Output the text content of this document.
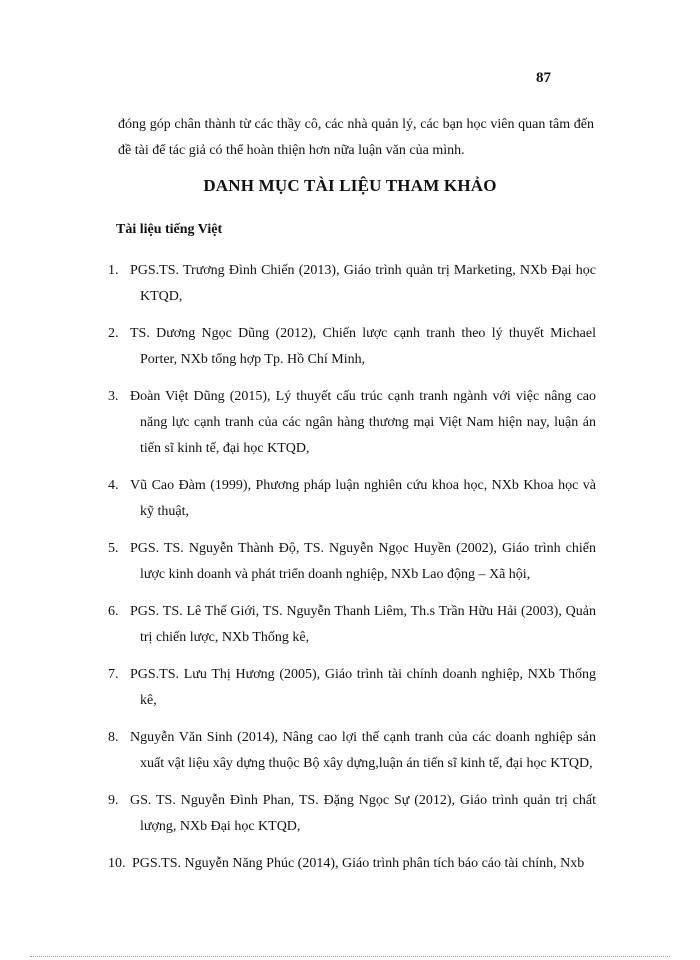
87

đóng góp chân thành từ các thầy cô, các nhà quản lý, các bạn học viên quan tâm đến đề tài để tác giả có thể hoàn thiện hơn nữa luận văn của mình.

DANH MỤC TÀI LIỆU THAM KHẢO
Tài liệu tiếng Việt
1. PGS.TS. Trương Đình Chiến (2013), Giáo trình quản trị Marketing, NXb Đại học KTQD,
2. TS. Dương Ngọc Dũng (2012), Chiến lược cạnh tranh theo lý thuyết Michael Porter, NXb tổng hợp Tp. Hồ Chí Minh,
3. Đoàn Việt Dũng (2015), Lý thuyết cấu trúc cạnh tranh ngành với việc nâng cao năng lực cạnh tranh của các ngân hàng thương mại Việt Nam hiện nay, luận án tiến sĩ kinh tế, đại học KTQD,
4. Vũ Cao Đàm (1999), Phương pháp luận nghiên cứu khoa học, NXb Khoa học và kỹ thuật,
5. PGS. TS. Nguyễn Thành Độ, TS. Nguyễn Ngọc Huyền (2002), Giáo trình chiến lược kinh doanh và phát triển doanh nghiệp, NXb Lao động – Xã hội,
6. PGS. TS. Lê Thế Giới, TS. Nguyễn Thanh Liêm, Th.s Trần Hữu Hải (2003), Quản trị chiến lược, NXb Thống kê,
7. PGS.TS. Lưu Thị Hương (2005), Giáo trình tài chính doanh nghiệp, NXb Thống kê,
8. Nguyễn Văn Sinh (2014), Nâng cao lợi thế cạnh tranh của các doanh nghiệp sản xuất vật liệu xây dựng thuộc Bộ xây dựng,luận án tiến sĩ kinh tế, đại học KTQD,
9. GS. TS. Nguyễn Đình Phan, TS. Đặng Ngọc Sự (2012), Giáo trình quản trị chất lượng, NXb Đại học KTQD,
10. PGS.TS. Nguyễn Năng Phúc (2014), Giáo trình phân tích báo cáo tài chính, Nxb
